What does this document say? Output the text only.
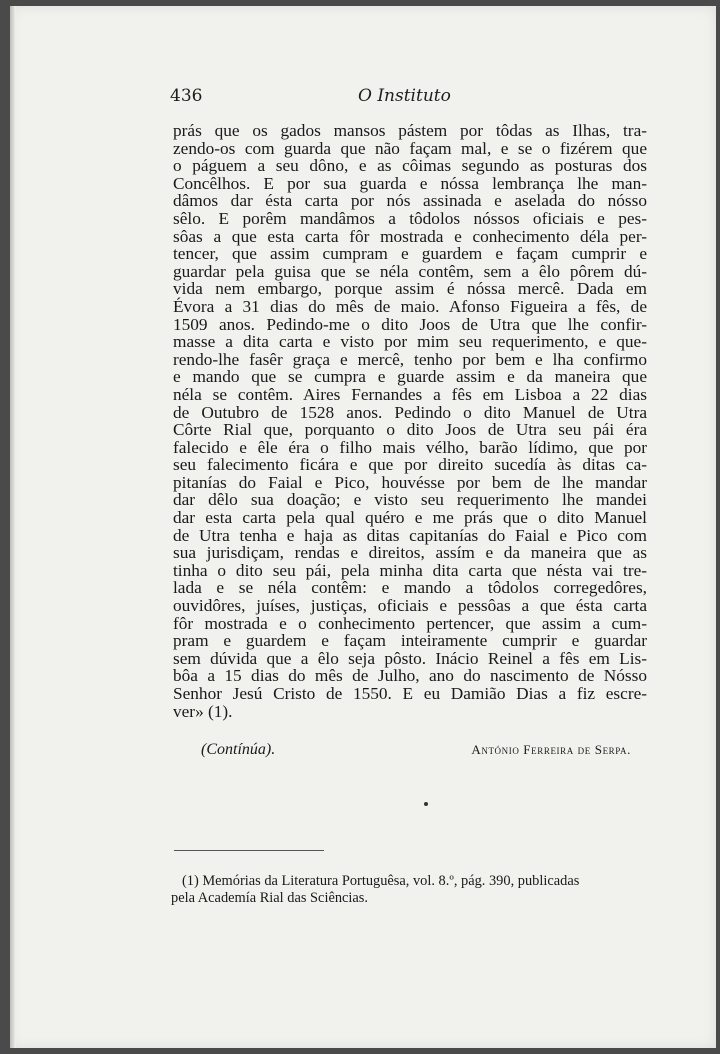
436	O Instituto
prás que os gados mansos pástem por tôdas as Ilhas, tra-
zendo-os com guarda que não façam mal, e se o fizérem que
o páguem a seu dôno, e as côimas segundo as posturas dos
Concêlhos. E por sua guarda e nóssa lembrança lhe man-
dâmos dar ésta carta por nós assinada e aselada do nósso
sêlo. E porêm mandâmos a tôdolos nóssos oficiais e pes-
sôas a que esta carta fôr mostrada e conhecimento déla per-
tencer, que assim cumpram e guardem e façam cumprir e
guardar pela guisa que se néla contêm, sem a êlo pôrem dú-
vida nem embargo, porque assim é nóssa mercê. Dada em
Évora a 31 dias do mês de maio. Afonso Figueira a fês, de
1509 anos. Pedindo-me o dito Joos de Utra que lhe confir-
masse a dita carta e visto por mim seu requerimento, e que-
rendo-lhe fasêr graça e mercê, tenho por bem e lha confirmo
e mando que se cumpra e guarde assim e da maneira que
néla se contêm. Aires Fernandes a fês em Lisboa a 22 dias
de Outubro de 1528 anos. Pedindo o dito Manuel de Utra
Côrte Rial que, porquanto o dito Joos de Utra seu pái éra
falecido e êle éra o filho mais vélho, barão lídimo, que por
seu falecimento ficára e que por direito sucedía às ditas ca-
pitanías do Faial e Pico, houvésse por bem de lhe mandar
dar dêlo sua doação; e visto seu requerimento lhe mandei
dar esta carta pela qual quéro e me prás que o dito Manuel
de Utra tenha e haja as ditas capitanías do Faial e Pico com
sua jurisdiçam, rendas e direitos, assím e da maneira que as
tinha o dito seu pái, pela minha dita carta que nésta vai tre-
lada e se néla contêm: e mando a tôdolos corregedôres,
ouvidôres, juíses, justiças, oficiais e pessôas a que ésta carta
fôr mostrada e o conhecimento pertencer, que assim a cum-
pram e guardem e façam inteiramente cumprir e guardar
sem dúvida que a êlo seja pôsto. Inácio Reinel a fês em Lis-
bôa a 15 dias do mês de Julho, ano do nascimento de Nósso
Senhor Jesú Cristo de 1550. E eu Damião Dias a fiz escre-
ver» (1).
(Contínúa).	António Ferreira de Serpa.
(1) Memórias da Literatura Portuguêsa, vol. 8.º, pág. 390, publicadas
pela Academía Rial das Sciências.
